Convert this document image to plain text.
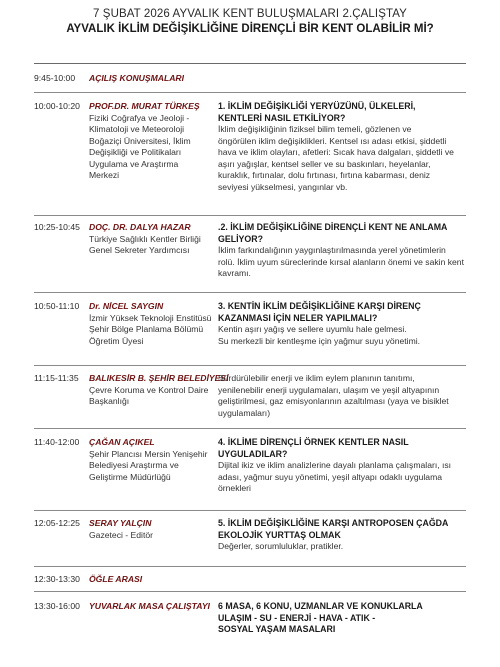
7 ŞUBAT 2026 AYVALIK KENT BULUŞMALARI 2.ÇALIŞTAY
AYVALIK İKLİM DEĞİŞİKLİĞİNE DİRENÇLİ BİR KENT OLABİLİR Mİ?
9:45-10:00 AÇILIŞ KONUŞMALARI
10:00-10:20 PROF.DR. MURAT TÜRKEŞ
Fiziki Coğrafya ve Jeoloji -
Klimatoloji ve Meteoroloji
Boğaziçi Üniversitesi, İklim
Değişikliği ve Politikaları
Uygulama ve Araştırma
Merkezi
1. İKLİM DEĞİŞİKLİĞİ YERYÜZÜNÜ, ÜLKELERİ,
KENTLERİ NASIL ETKİLİYOR?
İklim değişikliğinin fiziksel bilim temeli, gözlenen ve
öngörülen iklim değişiklikleri. Kentsel ısı adası etkisi, şiddetli
hava ve iklim olayları, afetleri: Sıcak hava dalgaları, şiddetli ve
aşırı yağışlar, kentsel seller ve su baskınları, heyelanlar,
kuraklık, fırtınalar, dolu fırtınası, fırtına kabarması, deniz
seviyesi yükselmesi, yangınlar vb.
10:25-10:45 DOÇ. DR. DALYA HAZAR
Türkiye Sağlıklı Kentler Birliği
Genel Sekreter Yardımcısı
.2. İKLİM DEĞİŞİKLİĞİNE DİRENÇLİ KENT NE ANLAMA
GELİYOR?
İklim farkındalığının yaygınlaştırılmasında yerel yönetimlerin
rolü. İklim uyum süreclerinde kırsal alanların önemi ve sakin kent
kavramı.
10:50-11:10 Dr. NİCEL SAYGIN
İzmir Yüksek Teknoloji Enstitüsü
Şehir Bölge Planlama Bölümü
Öğretim Üyesi
3. KENTİN İKLİM DEĞİŞİKLİĞİNE KARŞI DİRENÇ
KAZANMASI İÇİN NELER YAPILMALI?
Kentin aşırı yağış ve sellere uyumlu hale gelmesi.
Su merkezli bir kentleşme için yağmur suyu yönetimi.
11:15-11:35 BALIKESİR B. ŞEHİR BELEDİYESİ
Çevre Koruma ve Kontrol Daire
Başkanlığı
Sürdürülebilir enerji ve iklim eylem planının tanıtımı,
yenilenebilir enerji uygulamaları, ulaşım ve yeşil altyapının
geliştirilmesi, gaz emisyonlarının azaltılması (yaya ve bisiklet
uygulamaları)
11:40-12:00 ÇAĞAN AÇIKEL
Şehir Plancısı Mersin Yenişehir
Belediyesi Araştırma ve
Geliştirme Müdürlüğü
4. İKLİME DİRENÇLİ ÖRNEK KENTLER NASIL
UYGULADILAR?
Dijital ikiz ve iklim analizlerine dayalı planlama çalışmaları, ısı
adası, yağmur suyu yönetimi, yeşil altyapı odaklı uygulama
örnekleri
12:05-12:25 SERAY YALÇIN
Gazeteci - Editör
5. İKLİM DEĞİŞİKLİĞİNE KARŞI ANTROPOSEN ÇAĞDA
EKOLOJİK YURTTAŞ OLMAK
Değerler, sorumluluklar, pratikler.
12:30-13:30 ÖĞLE ARASI
13:30-16:00 YUVARLAK MASA ÇALIŞTAYI 6 MASA, 6 KONU, UZMANLAR VE KONUKLARLA
ULAŞIM - SU - ENERJİ - HAVA - ATIK -
SOSYAL YAŞAM MASALARI
